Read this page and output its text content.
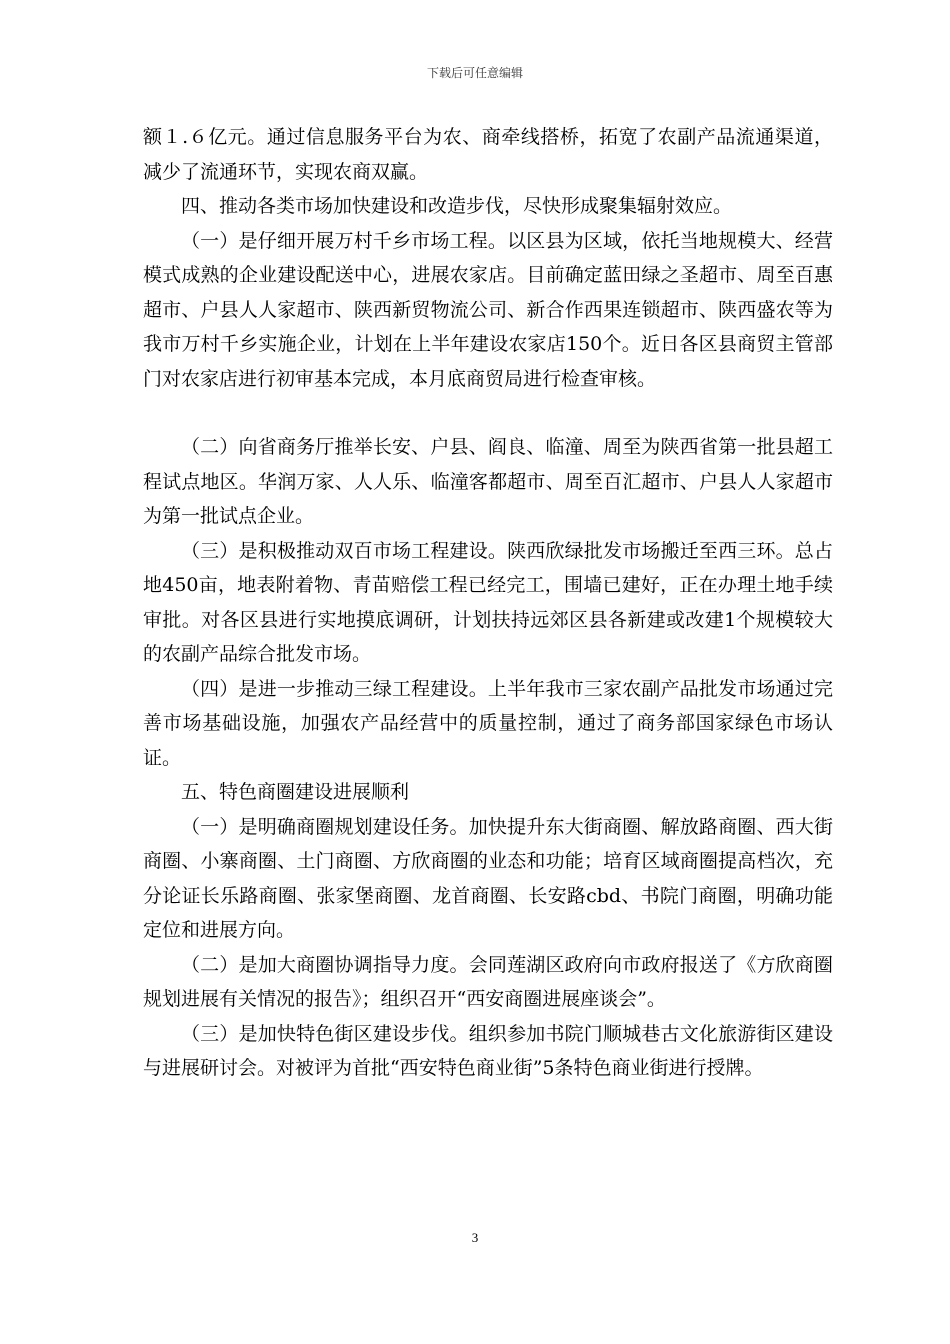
下载后可任意编辑

额１.６亿元。通过信息服务平台为农、商牵线搭桥，拓宽了农副产品流通渠道，减少了流通环节，实现农商双赢。

四、推动各类市场加快建设和改造步伐，尽快形成聚集辐射效应。

（一）是仔细开展万村千乡市场工程。以区县为区域，依托当地规模大、经营模式成熟的企业建设配送中心，进展农家店。目前确定蓝田绿之圣超市、周至百惠超市、户县人人家超市、陕西新贸物流公司、新合作西果连锁超市、陕西盛农等为我市万村千乡实施企业，计划在上半年建设农家店150个。近日各区县商贸主管部门对农家店进行初审基本完成，本月底商贸局进行检查审核。

（二）向省商务厅推举长安、户县、阎良、临潼、周至为陕西省第一批县超工程试点地区。华润万家、人人乐、临潼客都超市、周至百汇超市、户县人人家超市为第一批试点企业。

（三）是积极推动双百市场工程建设。陕西欣绿批发市场搬迁至西三环。总占地450亩，地表附着物、青苗赔偿工程已经完工，围墙已建好，正在办理土地手续审批。对各区县进行实地摸底调研，计划扶持远郊区县各新建或改建1个规模较大的农副产品综合批发市场。

（四）是进一步推动三绿工程建设。上半年我市三家农副产品批发市场通过完善市场基础设施，加强农产品经营中的质量控制，通过了商务部国家绿色市场认证。

五、特色商圈建设进展顺利

（一）是明确商圈规划建设任务。加快提升东大街商圈、解放路商圈、西大街商圈、小寨商圈、土门商圈、方欣商圈的业态和功能；培育区域商圈提高档次，充分论证长乐路商圈、张家堡商圈、龙首商圈、长安路cbd、书院门商圈，明确功能定位和进展方向。

（二）是加大商圈协调指导力度。会同莲湖区政府向市政府报送了《方欣商圈规划进展有关情况的报告》；组织召开“西安商圈进展座谈会”。

（三）是加快特色街区建设步伐。组织参加书院门顺城巷古文化旅游街区建设与进展研讨会。对被评为首批“西安特色商业街”5条特色商业街进行授牌。

3
